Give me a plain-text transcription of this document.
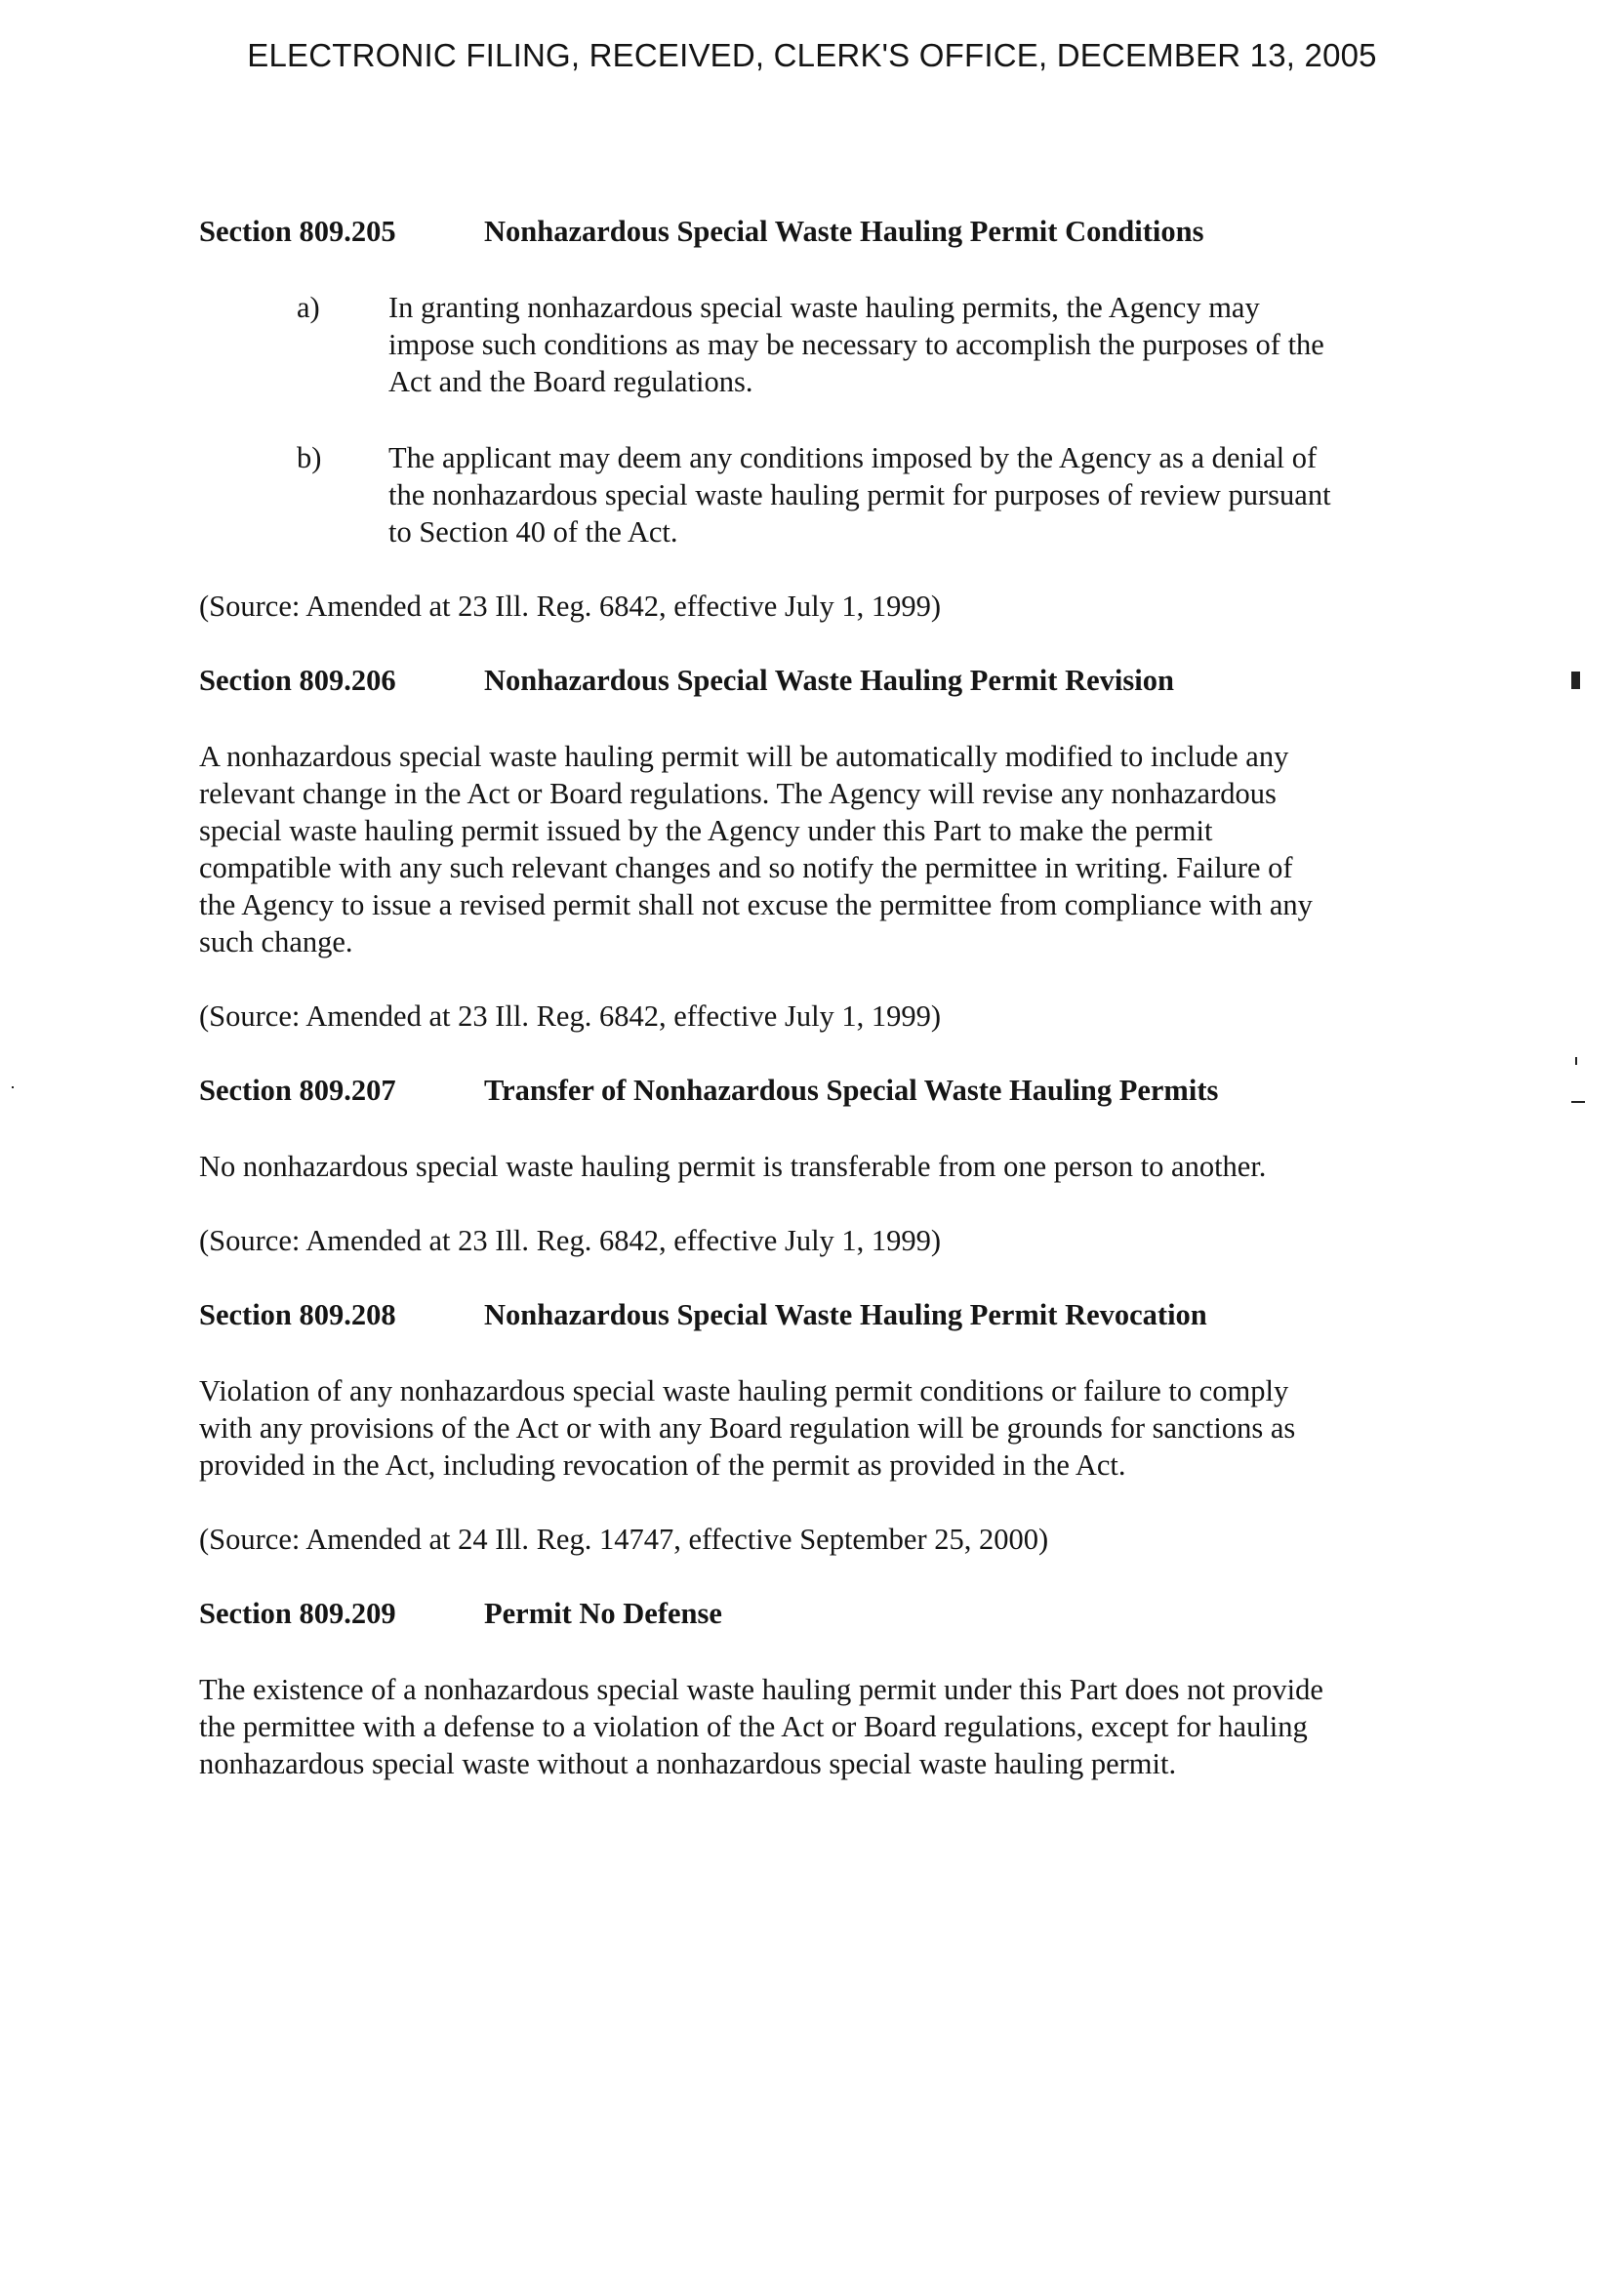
ELECTRONIC FILING, RECEIVED, CLERK'S OFFICE, DECEMBER 13, 2005
Section 809.205	Nonhazardous Special Waste Hauling Permit Conditions
a)	In granting nonhazardous special waste hauling permits, the Agency may impose such conditions as may be necessary to accomplish the purposes of the Act and the Board regulations.

b)	The applicant may deem any conditions imposed by the Agency as a denial of the nonhazardous special waste hauling permit for purposes of review pursuant to Section 40 of the Act.

(Source: Amended at 23 Ill. Reg. 6842, effective July 1, 1999)

Section 809.206	Nonhazardous Special Waste Hauling Permit Revision

A nonhazardous special waste hauling permit will be automatically modified to include any relevant change in the Act or Board regulations. The Agency will revise any nonhazardous special waste hauling permit issued by the Agency under this Part to make the permit compatible with any such relevant changes and so notify the permittee in writing. Failure of the Agency to issue a revised permit shall not excuse the permittee from compliance with any such change.

(Source: Amended at 23 Ill. Reg. 6842, effective July 1, 1999)

Section 809.207	Transfer of Nonhazardous Special Waste Hauling Permits

No nonhazardous special waste hauling permit is transferable from one person to another.

(Source: Amended at 23 Ill. Reg. 6842, effective July 1, 1999)

Section 809.208	Nonhazardous Special Waste Hauling Permit Revocation

Violation of any nonhazardous special waste hauling permit conditions or failure to comply with any provisions of the Act or with any Board regulation will be grounds for sanctions as provided in the Act, including revocation of the permit as provided in the Act.

(Source: Amended at 24 Ill. Reg. 14747, effective September 25, 2000)

Section 809.209	Permit No Defense

The existence of a nonhazardous special waste hauling permit under this Part does not provide the permittee with a defense to a violation of the Act or Board regulations, except for hauling nonhazardous special waste without a nonhazardous special waste hauling permit.
